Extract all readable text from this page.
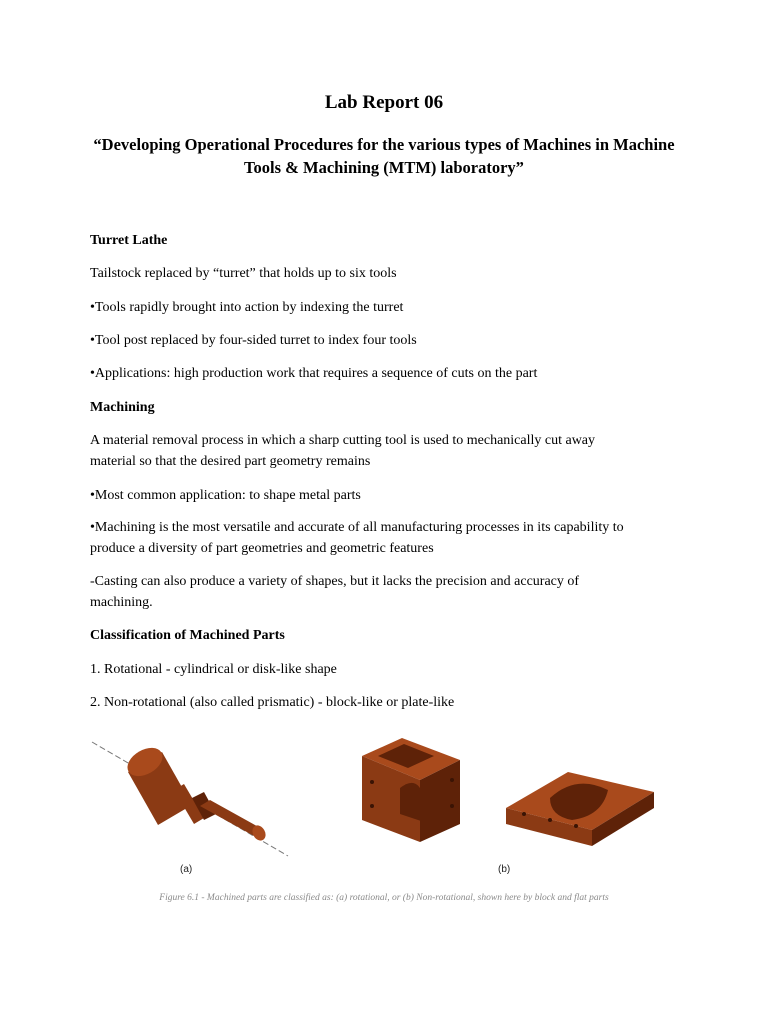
Lab Report 06
“Developing Operational Procedures for the various types of Machines in Machine
Tools & Machining (MTM) laboratory”

Turret Lathe

Tailstock replaced by “turret” that holds up to six tools

•Tools rapidly brought into action by indexing the turret

•Tool post replaced by four-sided turret to index four tools

•Applications: high production work that requires a sequence of cuts on the part

Machining

A material removal process in which a sharp cutting tool is used to mechanically cut away
material so that the desired part geometry remains

•Most common application: to shape metal parts

•Machining is the most versatile and accurate of all manufacturing processes in its capability to
produce a diversity of part geometries and geometric features

-Casting can also produce a variety of shapes, but it lacks the precision and accuracy of
machining.

Classification of Machined Parts

1. Rotational - cylindrical or disk-like shape

2. Non-rotational (also called prismatic) - block-like or plate-like

(a)	(b)

Figure 6.1 - Machined parts are classified as: (a) rotational, or (b) Non-rotational, shown here by block and flat parts
